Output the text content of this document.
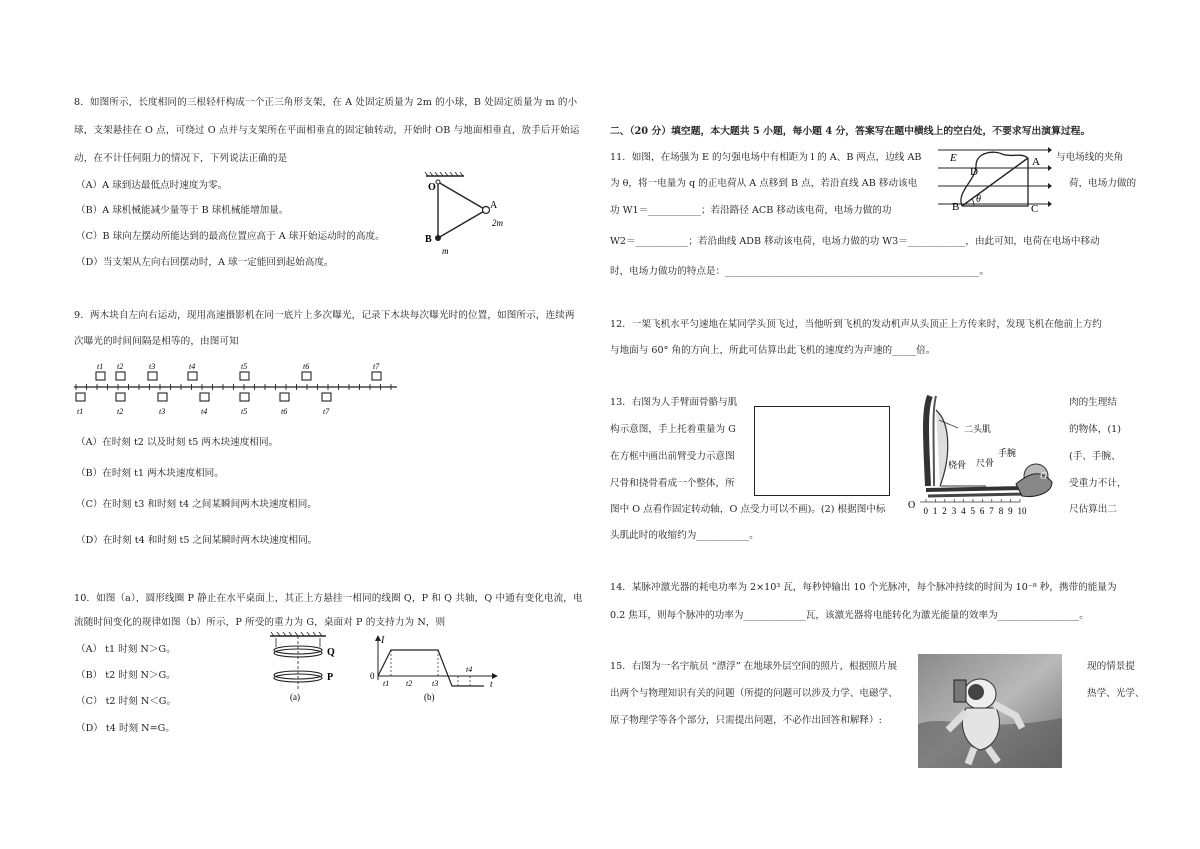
8．如图所示，长度相同的三根轻杆构成一个正三角形支架，在 A 处固定质量为 2m 的小球，B 处固定质量为 m 的小
球，支架悬挂在 O 点，可绕过 O 点并与支架所在平面相垂直的固定轴转动，开始时 OB 与地面相垂直，放手后开始运
动，在不计任何阻力的情况下，下列说法正确的是
（A）A 球到达最低点时速度为零。
（B）A 球机械能减少量等于 B 球机械能增加量。
（C）B 球向左摆动所能达到的最高位置应高于 A 球开始运动时的高度。
（D）当支架从左向右回摆动时，A 球一定能回到起始高度。
O
A
2m
B
m
9．两木块自左向右运动，现用高速摄影机在同一底片上多次曝光，记录下木块每次曝光时的位置，如图所示，连续两
次曝光的时间间隔是相等的，由图可知
t1 t2	t3	t4	t5	t6	t7
t1	t2	t3	t4	t5	t6	t7
（A）在时刻 t2 以及时刻 t5 两木块速度相同。
（B）在时刻 t1 两木块速度相同。
（C）在时刻 t3 和时刻 t4 之间某瞬间两木块速度相同。
（D）在时刻 t4 和时刻 t5 之间某瞬时两木块速度相同。
10．如图（a），圆形线圈 P 静止在水平桌面上，其正上方悬挂一相同的线圈 Q，P 和 Q 共轴，Q 中通有变化电流，电
流随时间变化的规律如图（b）所示，P 所受的重力为 G，桌面对 P 的支持力为 N，则
（A） t1 时刻 N＞G。
（B） t2 时刻 N＞G。
（C） t2 时刻 N＜G。
（D） t4 时刻 N=G。
Q
P
(a)
I
0
t
t1 t2 t3
t4
(b)
二、（20 分）填空题，本大题共 5 小题，每小题 4 分，答案写在题中横线上的空白处，不要求写出演算过程。
11．如图，在场强为 E 的匀强电场中有相距为 l 的 A、B 两点，边线 AB	与电场线的夹角
为 θ，将一电量为 q 的正电荷从 A 点移到 B 点，若沿直线 AB 移动该电	荷，电场力做的
功 W1＝___________；若沿路径 ACB 移动该电荷，电场力做的功
W2＝___________；若沿曲线 ADB 移动该电荷，电场力做的功 W3＝____________，由此可知，电荷在电场中移动
时，电场力做功的特点是：_____________________________________________________。
E
D
A
B	C
θ
12．一架飞机水平匀速地在某同学头顶飞过，当他听到飞机的发动机声从头顶正上方传来时，发现飞机在他前上方约
与地面与 60° 角的方向上，所此可估算出此飞机的速度约为声速的_____倍。
13．右图为人手臂面骨骼与肌	肉的生理结
构示意图，手上托着重量为 G	的物体，(1)
在方框中画出前臂受力示意图	(手、手腕、
尺骨和挠骨看成一个整体，所	受重力不计，
图中 O 点看作固定转动轴，O 点受力可以不画)。(2) 根据图中标	尺估算出二
头肌此时的收缩约为___________。
0 1 2 3 4 5 6 7 8 9 10
二头肌
手腕
桡骨 尺骨
G
O
14．某脉冲激光器的耗电功率为 2×10³ 瓦，每秒钟输出 10 个光脉冲，每个脉冲持续的时间为 10⁻⁸ 秒，携带的能量为
0.2 焦耳，则每个脉冲的功率为_____________瓦，该激光器将电能转化为激光能量的效率为_________________。
15．右图为一名宇航员 “漂浮” 在地球外层空间的照片，根据照片展	现的情景提
出两个与物理知识有关的问题（所提的问题可以涉及力学、电磁学、	热学、光学、
原子物理学等各个部分，只需提出问题，不必作出回答和解释）:
